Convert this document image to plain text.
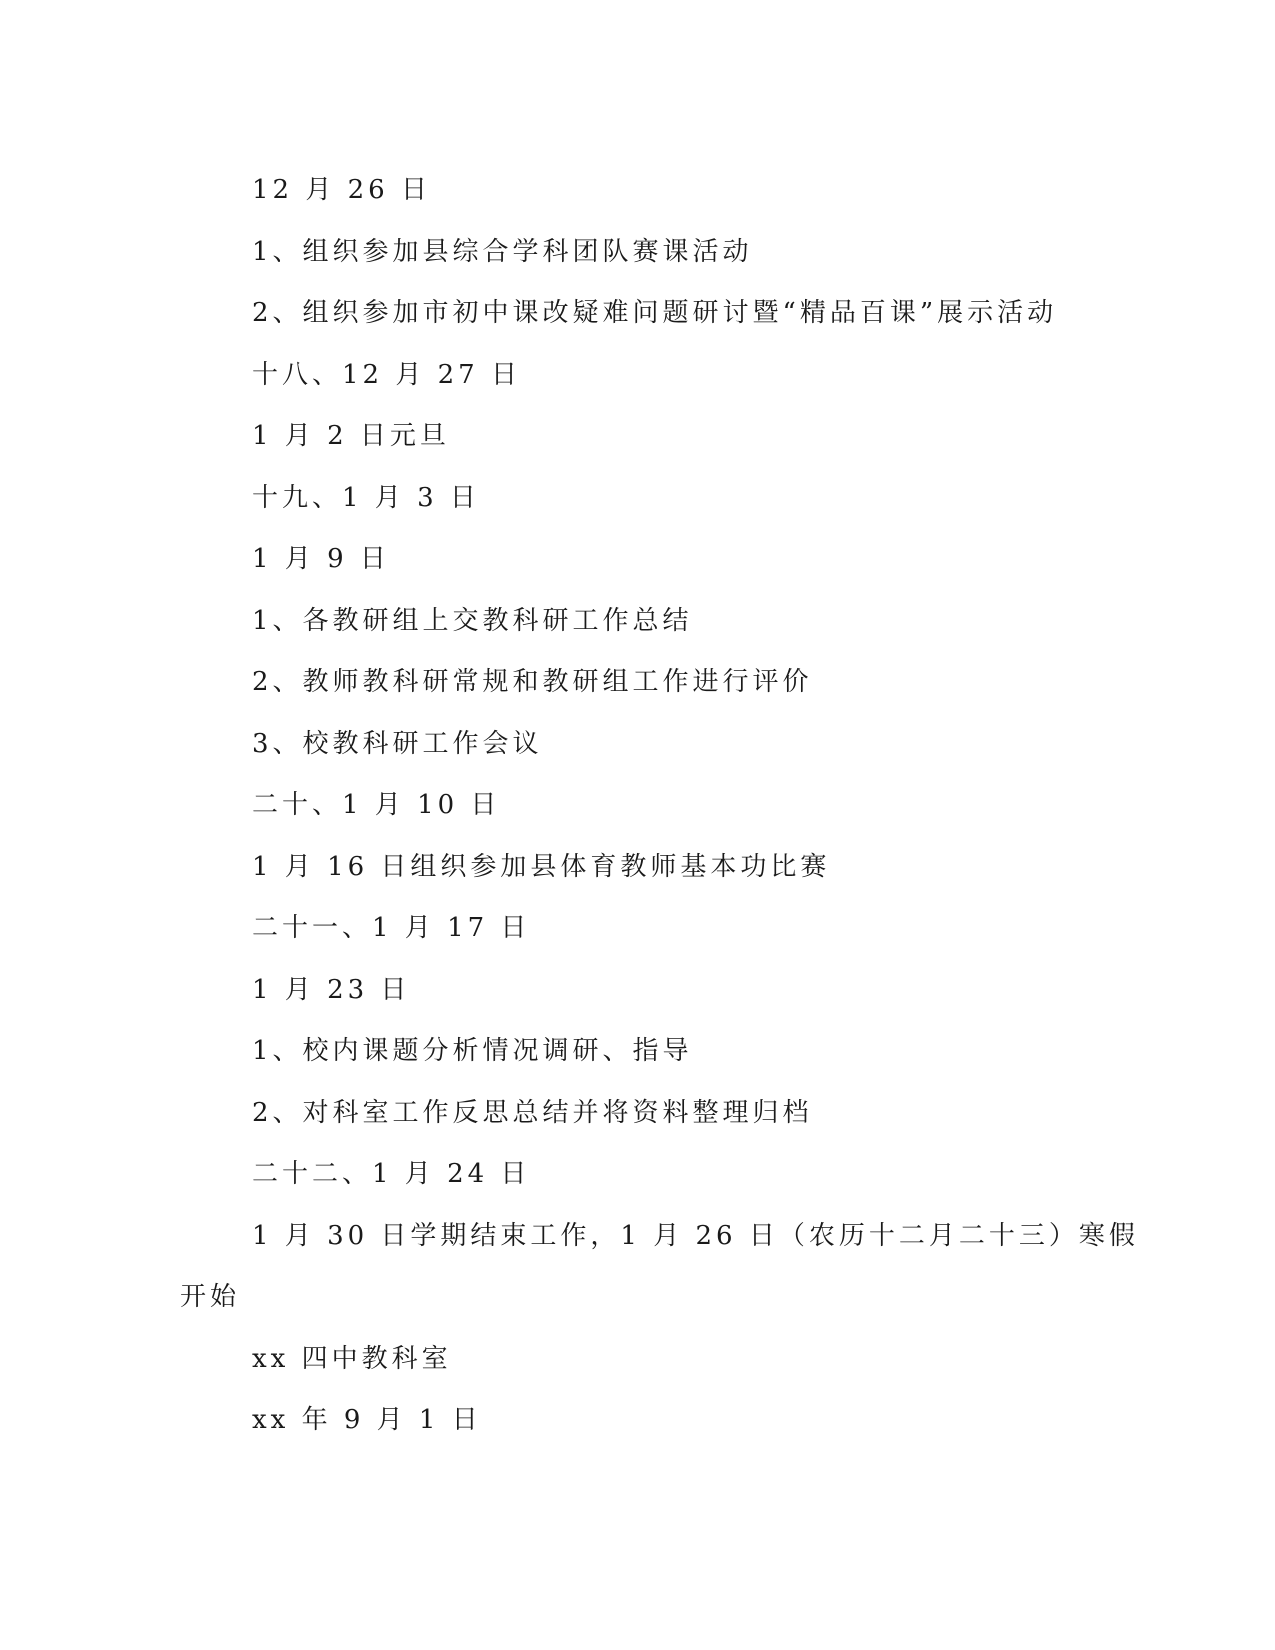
12 月 26 日

1、组织参加县综合学科团队赛课活动

2、组织参加市初中课改疑难问题研讨暨“精品百课”展示活动

十八、12 月 27 日

1 月 2 日元旦

十九、1 月 3 日

1 月 9 日

1、各教研组上交教科研工作总结

2、教师教科研常规和教研组工作进行评价

3、校教科研工作会议

二十、1 月 10 日

1 月 16 日组织参加县体育教师基本功比赛

二十一、1 月 17 日

1 月 23 日

1、校内课题分析情况调研、指导

2、对科室工作反思总结并将资料整理归档

二十二、1 月 24 日

1 月 30 日学期结束工作，1 月 26 日（农历十二月二十三）寒假

开始

xx 四中教科室

xx 年 9 月 1 日
